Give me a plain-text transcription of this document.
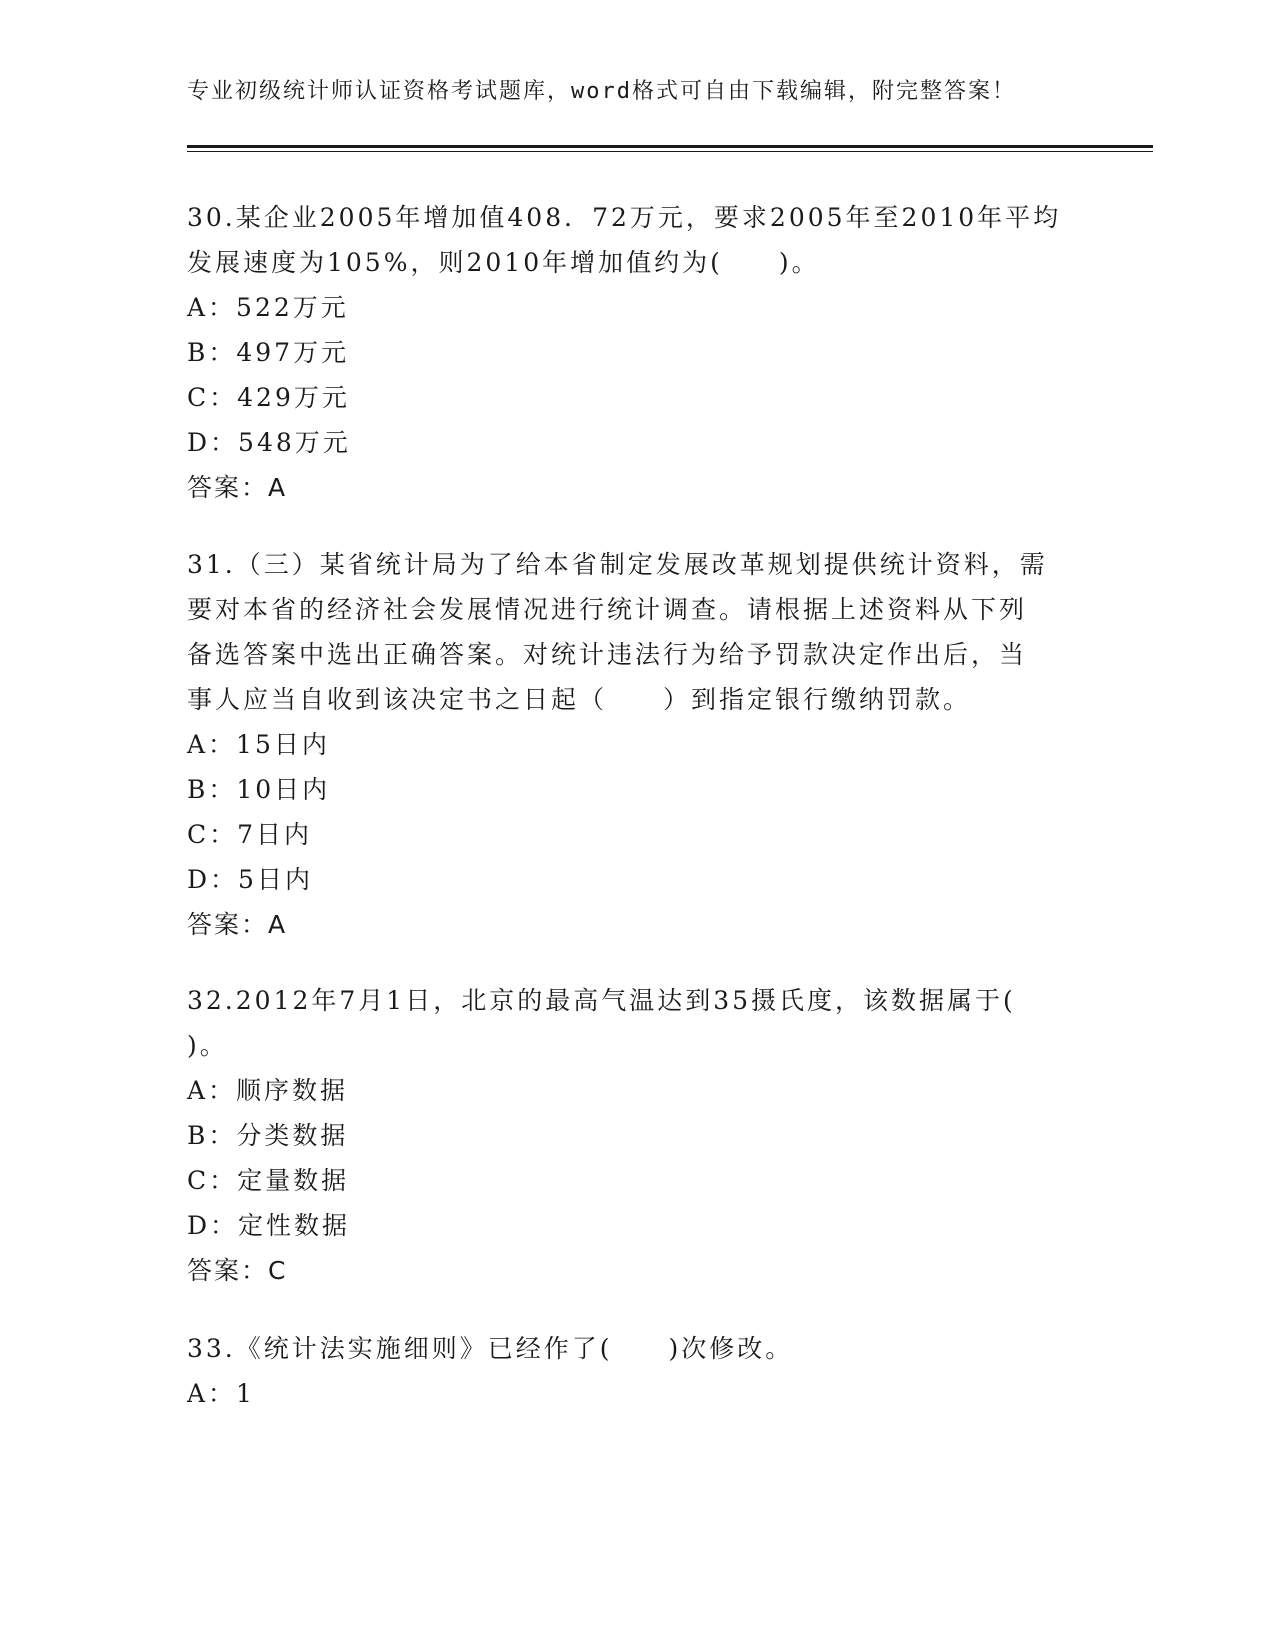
专业初级统计师认证资格考试题库，word格式可自由下载编辑，附完整答案！

30.某企业2005年增加值408．72万元，要求2005年至2010年平均

发展速度为105%，则2010年增加值约为(　　)。

A：522万元

B：497万元

C：429万元

D：548万元

答案：A

31.（三）某省统计局为了给本省制定发展改革规划提供统计资料，需

要对本省的经济社会发展情况进行统计调查。请根据上述资料从下列

备选答案中选出正确答案。对统计违法行为给予罚款决定作出后，当

事人应当自收到该决定书之日起（　　）到指定银行缴纳罚款。

A：15日内

B：10日内

C：7日内

D：5日内

答案：A

32.2012年7月1日，北京的最高气温达到35摄氏度，该数据属于(

)。

A：顺序数据

B：分类数据

C：定量数据

D：定性数据

答案：C

33.《统计法实施细则》已经作了(　　)次修改。

A：1
